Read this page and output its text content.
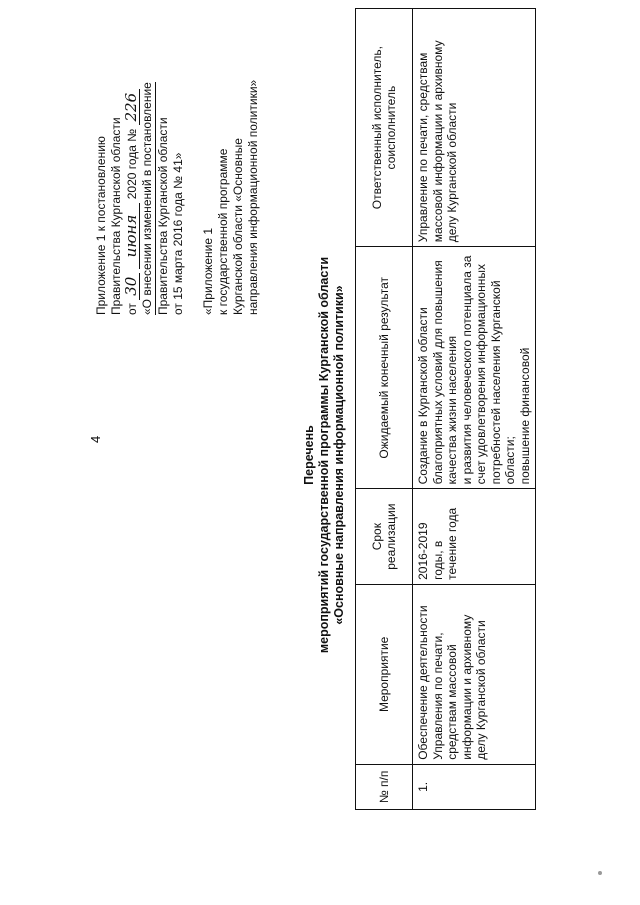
4
Приложение 1 к постановлению Правительства Курганской области от 30 июня 2020 года № 226 «О внесении изменений в постановление Правительства Курганской области от 15 марта 2016 года № 41» «Приложение 1 к государственной программе Курганской области «Основные направления информационной политики»
Перечень мероприятий государственной программы Курганской области «Основные направления информационной политики»
№ п/п	Мероприятие	Срок реализации	Ожидаемый конечный результат	Ответственный исполнитель, соисполнитель
1.	Обеспечение деятельности Управления по печати, средствам массовой информации и архивному делу Курганской области	2016-2019 годы, в течение года	Создание в Курганской области благоприятных условий для повышения качества жизни населения и развития человеческого потенциала за счет удовлетворения информационных потребностей населения Курганской области; повышение финансовой	Управление по печати, средствам массовой информации и архивному делу Курганской области
